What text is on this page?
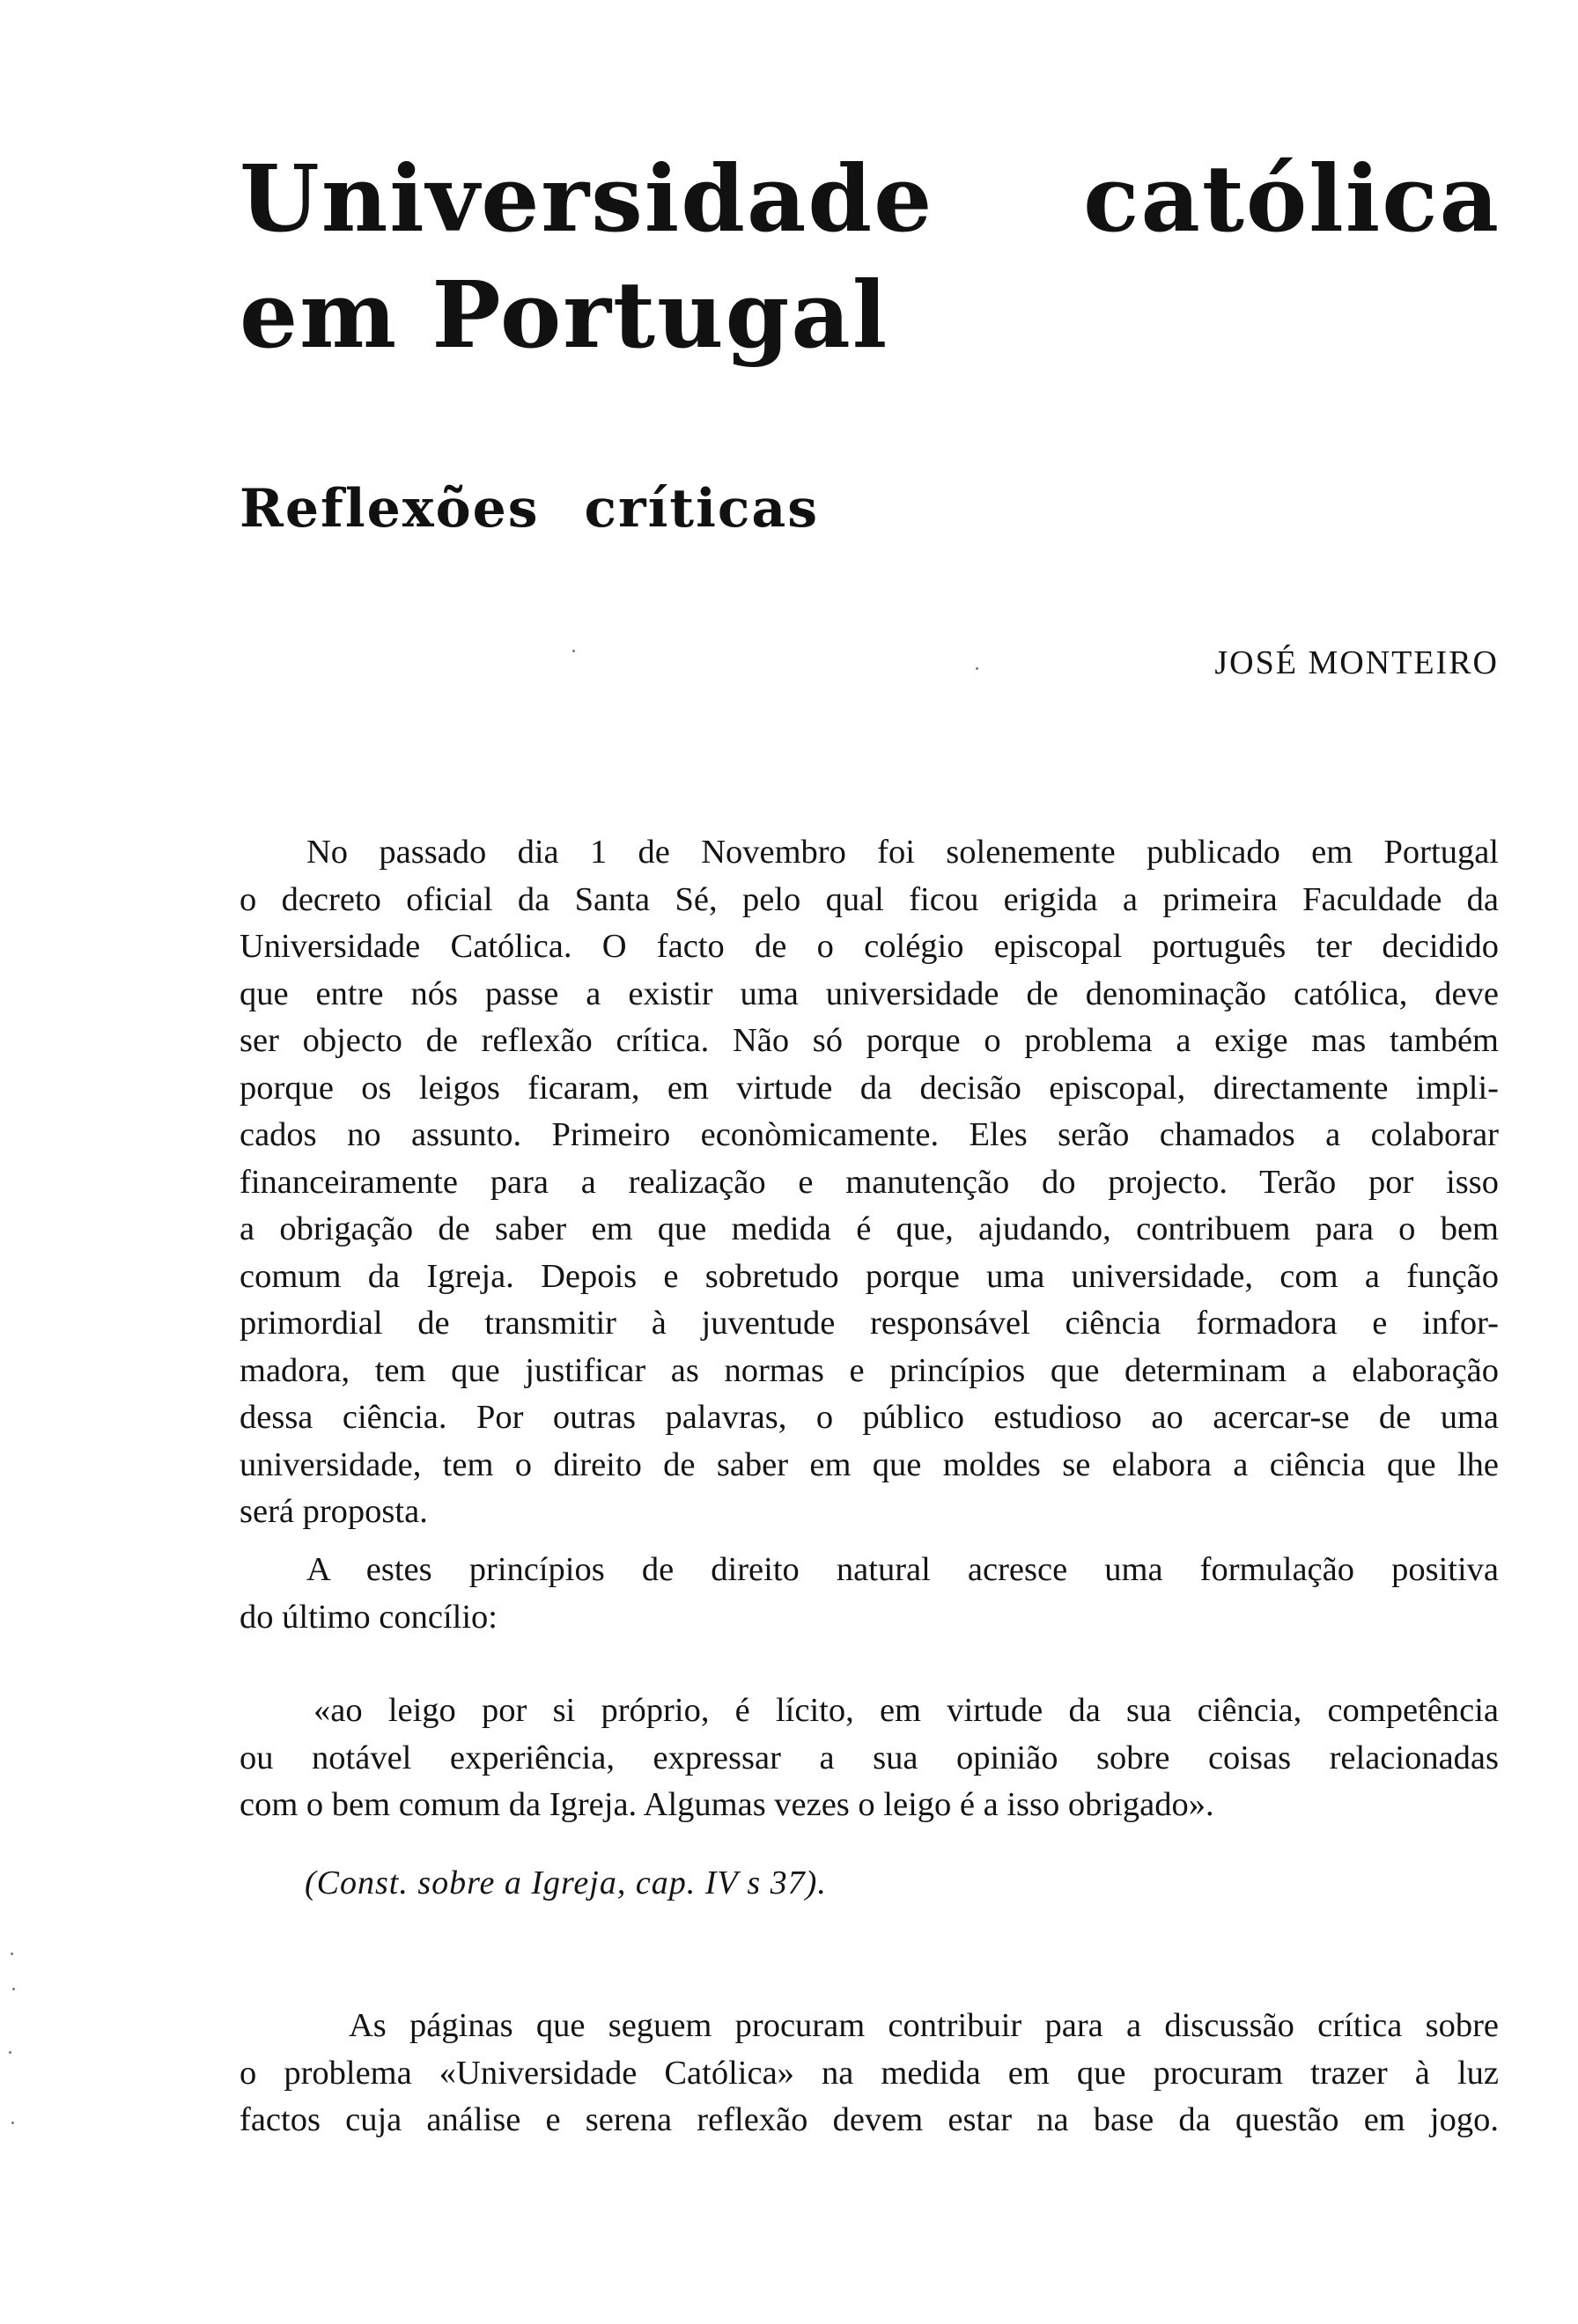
Universidade católica
em Portugal
Reflexões críticas

JOSÉ MONTEIRO

No passado dia 1 de Novembro foi solenemente publicado em Portugal
o decreto oficial da Santa Sé, pelo qual ficou erigida a primeira Faculdade da
Universidade Católica. O facto de o colégio episcopal português ter decidido
que entre nós passe a existir uma universidade de denominação católica, deve
ser objecto de reflexão crítica. Não só porque o problema a exige mas também
porque os leigos ficaram, em virtude da decisão episcopal, directamente impli-
cados no assunto. Primeiro econòmicamente. Eles serão chamados a colaborar
financeiramente para a realização e manutenção do projecto. Terão por isso
a obrigação de saber em que medida é que, ajudando, contribuem para o bem
comum da Igreja. Depois e sobretudo porque uma universidade, com a função
primordial de transmitir à juventude responsável ciência formadora e infor-
madora, tem que justificar as normas e princípios que determinam a elaboração
dessa ciência. Por outras palavras, o público estudioso ao acercar-se de uma
universidade, tem o direito de saber em que moldes se elabora a ciência que lhe
será proposta.

A estes princípios de direito natural acresce uma formulação positiva
do último concílio:

«ao leigo por si próprio, é lícito, em virtude da sua ciência, competência
ou notável experiência, expressar a sua opinião sobre coisas relacionadas
com o bem comum da Igreja. Algumas vezes o leigo é a isso obrigado».

(Const. sobre a Igreja, cap. IV s 37).

As páginas que seguem procuram contribuir para a discussão crítica sobre
o problema «Universidade Católica» na medida em que procuram trazer à luz
factos cuja análise e serena reflexão devem estar na base da questão em jogo.
